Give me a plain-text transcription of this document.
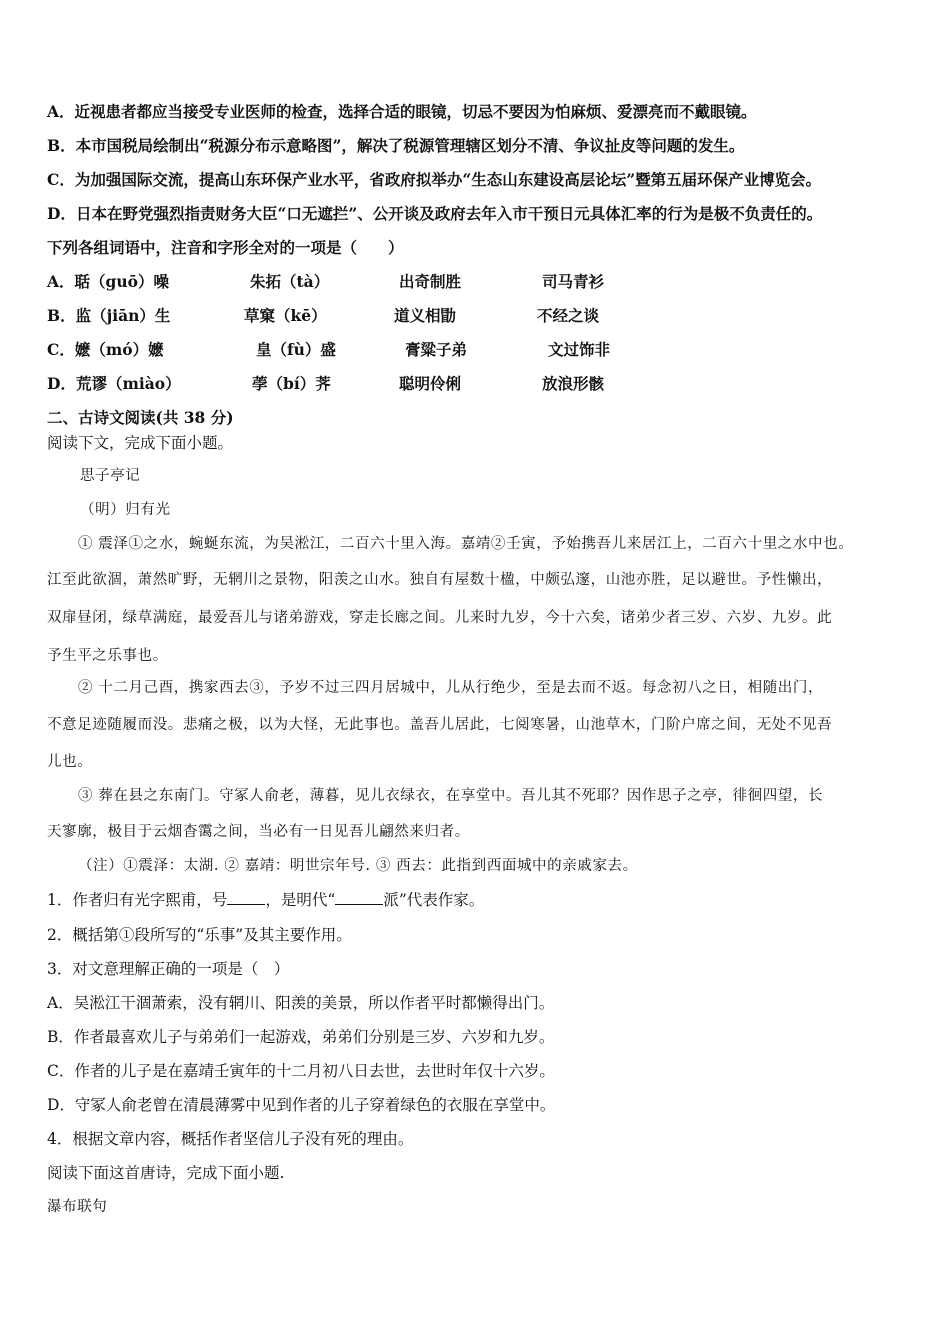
A．近视患者都应当接受专业医师的检查，选择合适的眼镜，切忌不要因为怕麻烦、爱漂亮而不戴眼镜。
B．本市国税局绘制出“税源分布示意略图”，解决了税源管理辖区划分不清、争议扯皮等问题的发生。
C．为加强国际交流，提高山东环保产业水平，省政府拟举办“生态山东建设高层论坛”暨第五届环保产业博览会。
D．日本在野党强烈指责财务大臣“口无遮拦”、公开谈及政府去年入市干预日元具体汇率的行为是极不负责任的。
下列各组词语中，注音和字形全对的一项是（　　）
A．聒（guō）噪	朱拓（tà）	出奇制胜	司马青衫
B．监（jiān）生	草窠（kē）	道义相勖	不经之谈
C．嬷（mó）嬷	皇（fù）盛	膏粱子弟	文过饰非
D．荒谬（miào）	荸（bí）荠	聪明伶俐	放浪形骸
二、古诗文阅读(共 38 分)
阅读下文，完成下面小题。
思子亭记
（明）归有光
① 震泽①之水，蜿蜒东流，为吴淞江，二百六十里入海。嘉靖②壬寅，予始携吾儿来居江上，二百六十里之水中也。
江至此欲涸，萧然旷野，无辋川之景物，阳羡之山水。独自有屋数十楹，中颇弘邃，山池亦胜，足以避世。予性懒出，
双扉昼闭，绿草满庭，最爱吾儿与诸弟游戏，穿走长廊之间。儿来时九岁，今十六矣，诸弟少者三岁、六岁、九岁。此
予生平之乐事也。
② 十二月己酉，携家西去③，予岁不过三四月居城中，儿从行绝少，至是去而不返。每念初八之日，相随出门，
不意足迹随履而没。悲痛之极，以为大怪，无此事也。盖吾儿居此，七阅寒暑，山池草木，门阶户席之间，无处不见吾
儿也。
③ 葬在县之东南门。守冢人俞老，薄暮，见儿衣绿衣，在享堂中。吾儿其不死耶？因作思子之亭，徘徊四望，长
天寥廓，极目于云烟杳霭之间，当必有一日见吾儿翩然来归者。
（注）①震泽：太湖. ② 嘉靖：明世宗年号. ③ 西去：此指到西面城中的亲戚家去。
1．作者归有光字熙甫，号 ，是明代“	派”代表作家。
2．概括第①段所写的“乐事”及其主要作用。
3．对文意理解正确的一项是（　）
A．吴淞江干涸萧索，没有辋川、阳羡的美景，所以作者平时都懒得出门。
B．作者最喜欢儿子与弟弟们一起游戏，弟弟们分别是三岁、六岁和九岁。
C．作者的儿子是在嘉靖壬寅年的十二月初八日去世，去世时年仅十六岁。
D．守冢人俞老曾在清晨薄雾中见到作者的儿子穿着绿色的衣服在享堂中。
4．根据文章内容，概括作者坚信儿子没有死的理由。
阅读下面这首唐诗，完成下面小题.
瀑布联句
